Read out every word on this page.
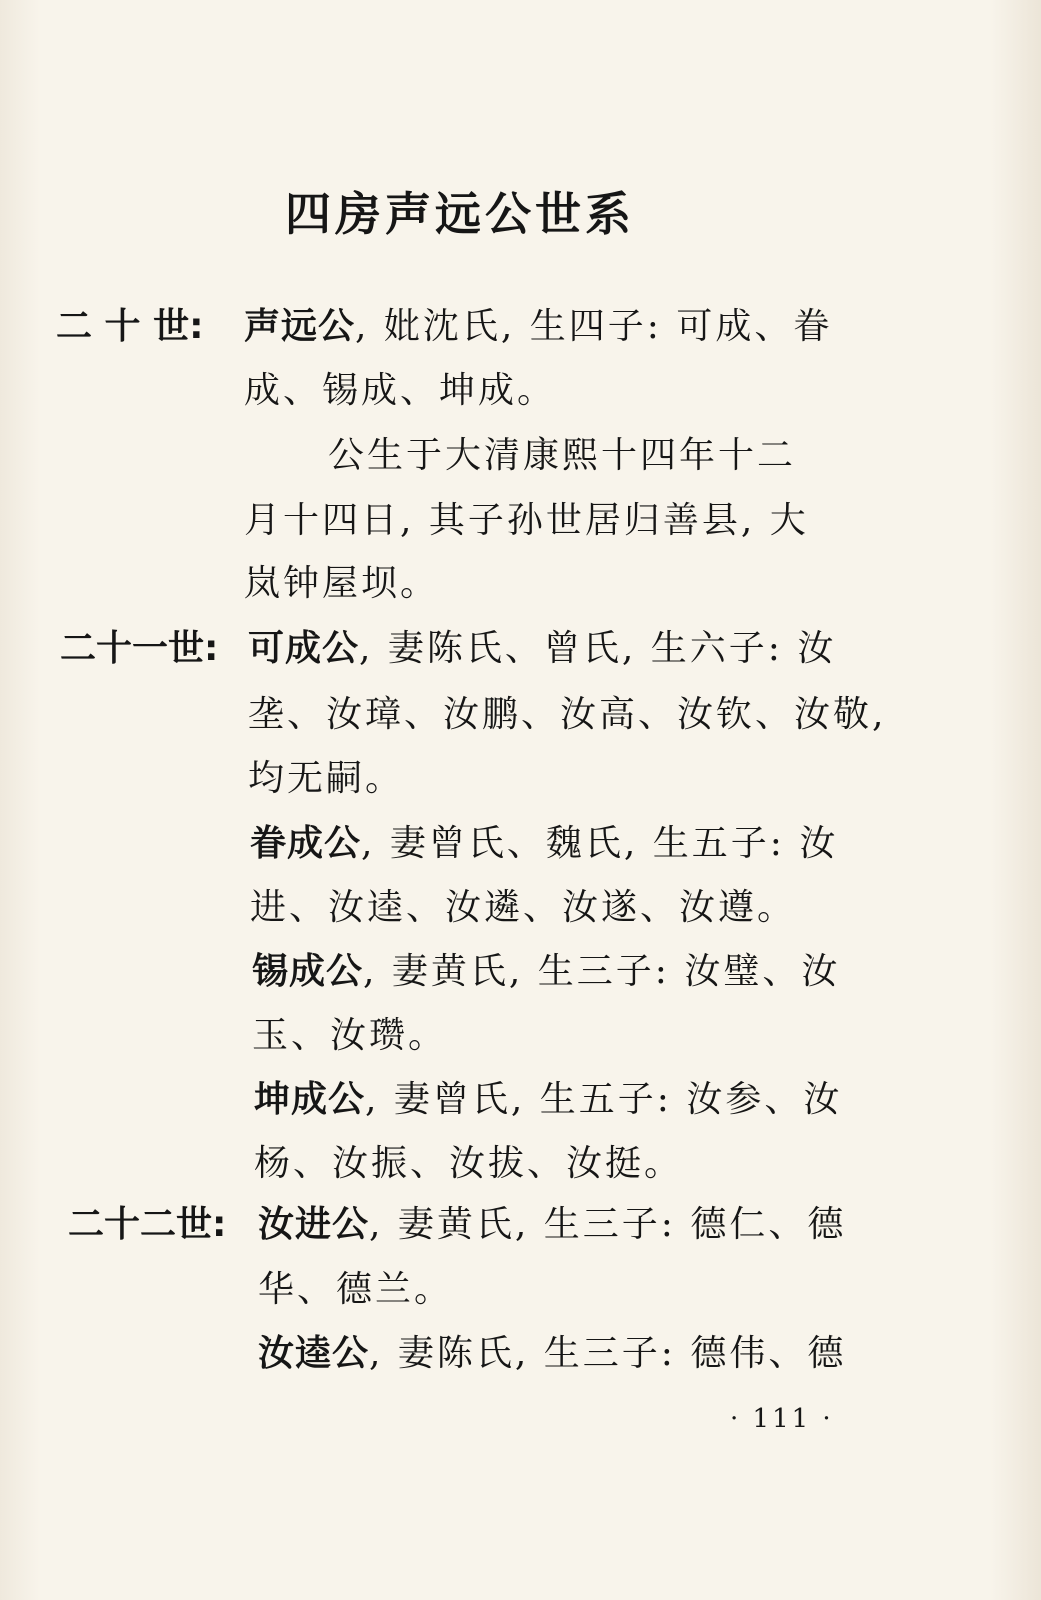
四房声远公世系
二 十 世: 声远公, 妣沈氏, 生四子: 可成、眷
成、锡成、坤成。
公生于大清康熙十四年十二
月十四日, 其子孙世居归善县, 大
岚钟屋坝。
二十一世: 可成公, 妻陈氏、曾氏, 生六子: 汝
垄、汝璋、汝鹏、汝高、汝钦、汝敬,
均无嗣。
眷成公, 妻曾氏、魏氏, 生五子: 汝
进、汝逵、汝遴、汝遂、汝遵。
锡成公, 妻黄氏, 生三子: 汝璧、汝
玉、汝瓒。
坤成公, 妻曾氏, 生五子: 汝参、汝
杨、汝振、汝拔、汝挺。
二十二世: 汝进公, 妻黄氏, 生三子: 德仁、德
华、德兰。
汝逵公, 妻陈氏, 生三子: 德伟、德
· 111 ·
